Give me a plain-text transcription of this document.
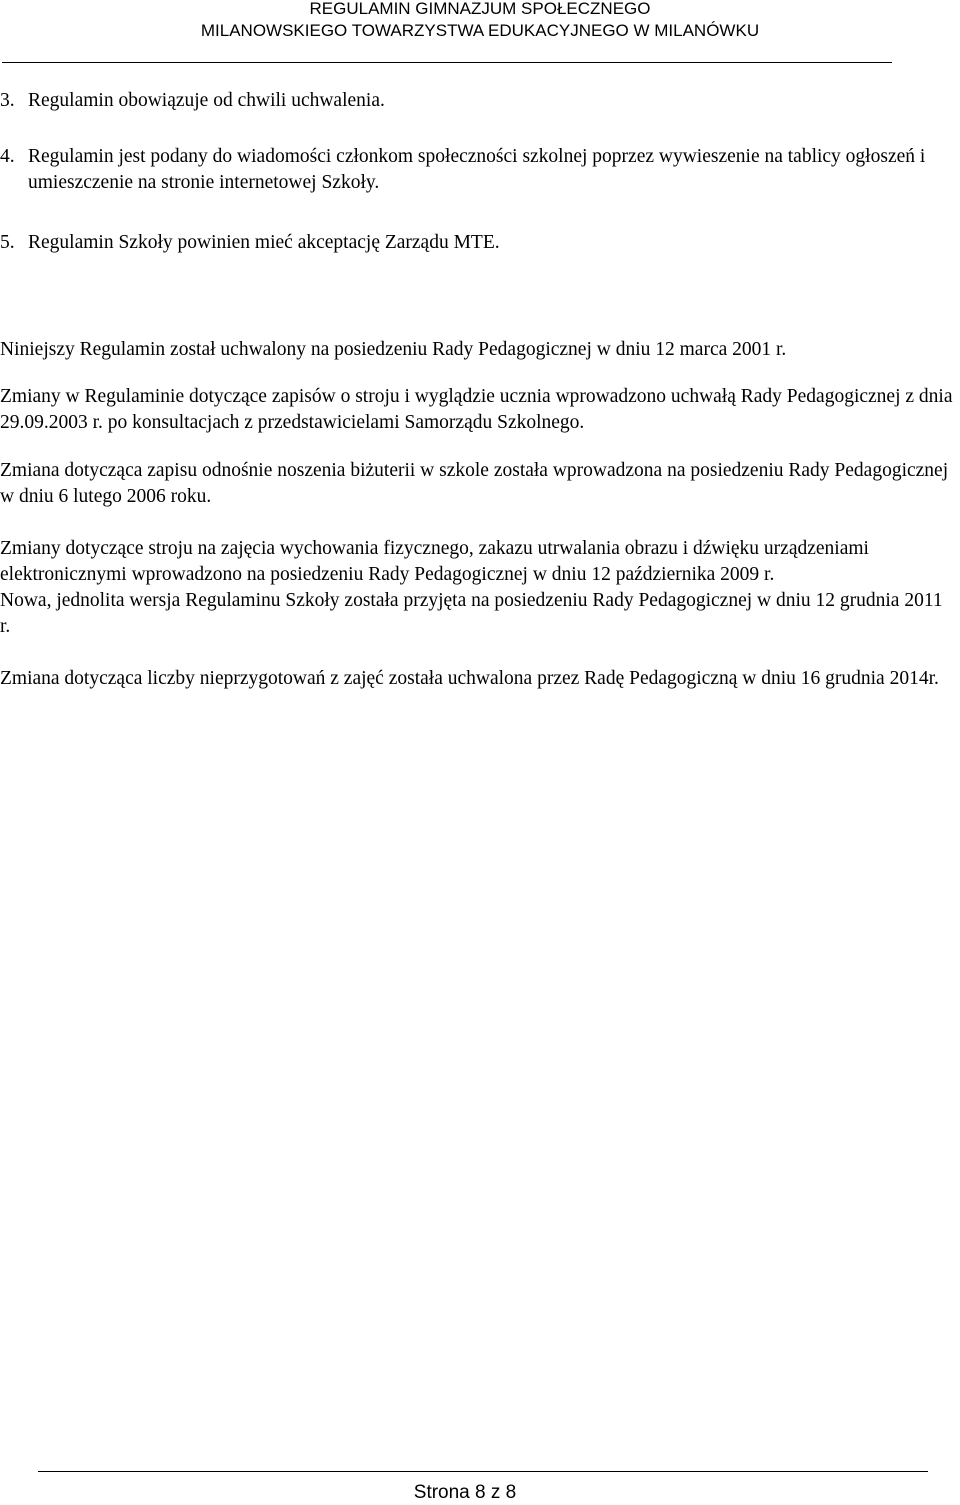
REGULAMIN GIMNAZJUM SPOŁECZNEGO
MILANOWSKIEGO TOWARZYSTWA EDUKACYJNEGO W MILANÓWKU
3. Regulamin obowiązuje od chwili uchwalenia.
4. Regulamin jest podany do wiadomości członkom społeczności szkolnej poprzez wywieszenie na tablicy ogłoszeń i umieszczenie na stronie internetowej Szkoły.
5. Regulamin Szkoły powinien mieć akceptację Zarządu MTE.

Niniejszy Regulamin został uchwalony na posiedzeniu Rady Pedagogicznej w dniu 12 marca 2001 r.

Zmiany w Regulaminie dotyczące zapisów o stroju i wyglądzie ucznia wprowadzono uchwałą Rady Pedagogicznej z dnia 29.09.2003 r. po konsultacjach z przedstawicielami Samorządu Szkolnego.

Zmiana dotycząca zapisu odnośnie noszenia biżuterii w szkole została wprowadzona na posiedzeniu Rady Pedagogicznej w dniu 6 lutego 2006 roku.

Zmiany dotyczące stroju na zajęcia wychowania fizycznego, zakazu utrwalania obrazu i dźwięku urządzeniami elektronicznymi wprowadzono na posiedzeniu Rady Pedagogicznej w dniu 12 października 2009 r.

Nowa, jednolita wersja Regulaminu Szkoły została przyjęta na posiedzeniu Rady Pedagogicznej w dniu 12 grudnia 2011 r.

Zmiana dotycząca liczby nieprzygotowań z zajęć została uchwalona przez Radę Pedagogiczną w dniu 16 grudnia 2014r.

Strona 8 z 8
